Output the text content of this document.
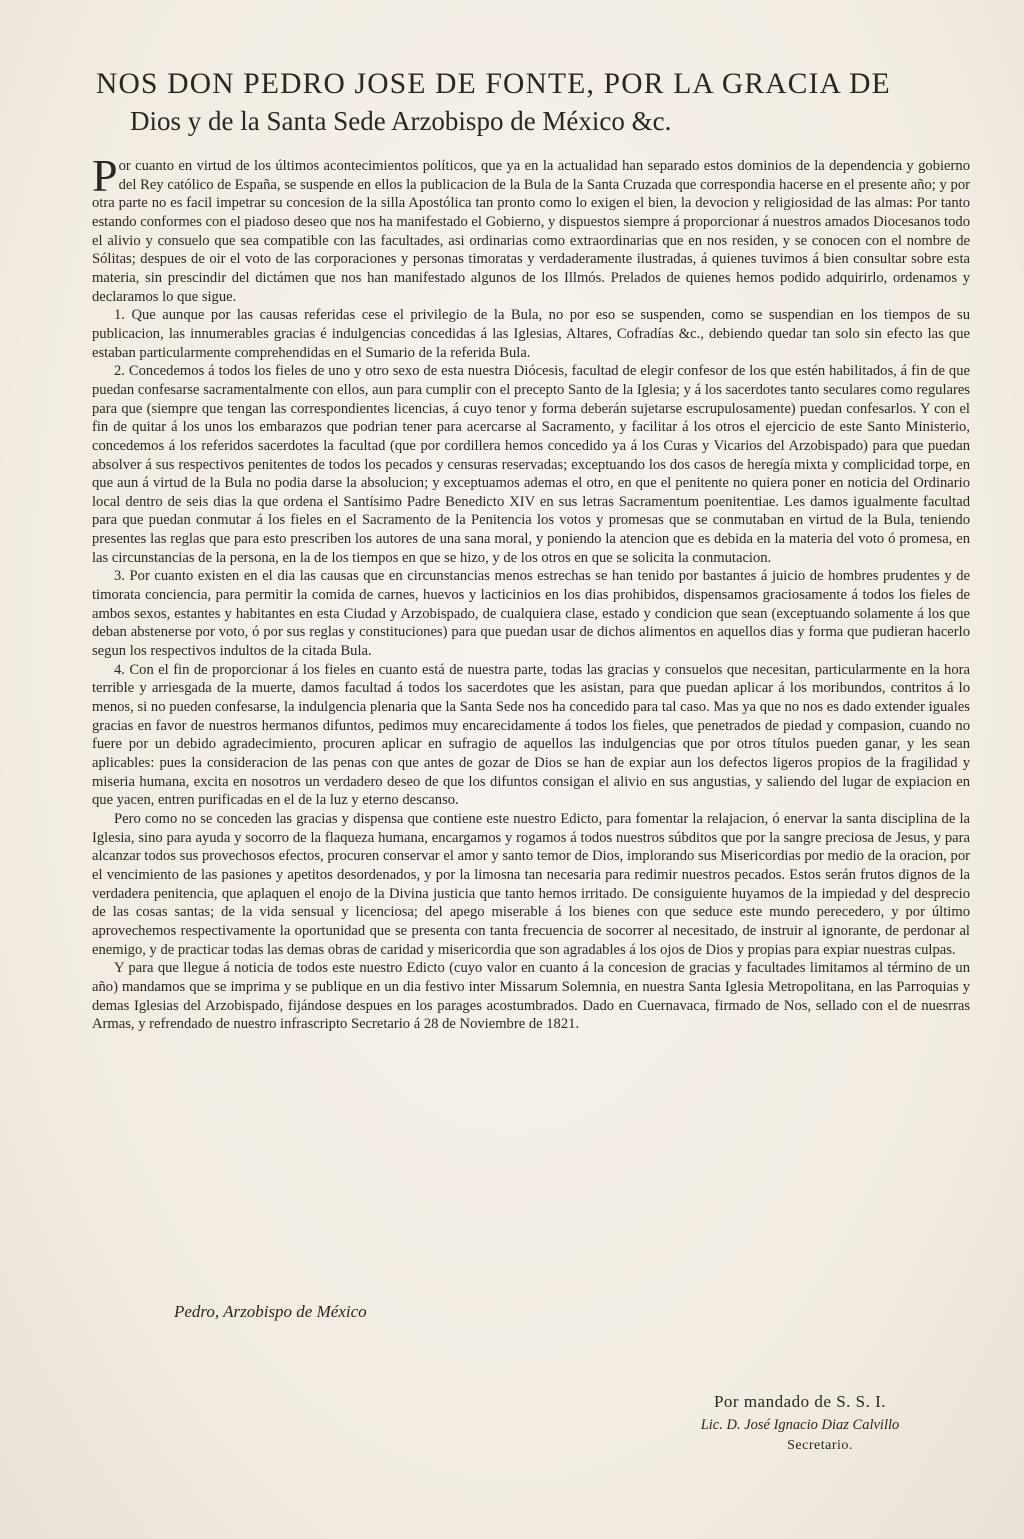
NOS DON PEDRO JOSE DE FONTE, POR LA GRACIA DE
Dios y de la Santa Sede Arzobispo de México &c.

Por cuanto en virtud de los últimos acontecimientos políticos, que ya en la actualidad han separado estos dominios de la dependencia y gobierno del Rey católico de España, se suspende en ellos la publicacion de la Bula de la Santa Cruzada que correspondia hacerse en el presente año; y por otra parte no es facil impetrar su concesion de la silla Apostólica tan pronto como lo exigen el bien, la devocion y religiosidad de las almas: Por tanto estando conformes con el piadoso deseo que nos ha manifestado el Gobierno, y dispuestos siempre á proporcionar á nuestros amados Diocesanos todo el alivio y consuelo que sea compatible con las facultades, asi ordinarias como extraordinarias que en nos residen, y se conocen con el nombre de Sólitas; despues de oir el voto de las corporaciones y personas timoratas y verdaderamente ilustradas, á quienes tuvimos á bien consultar sobre esta materia, sin prescindir del dictámen que nos han manifestado algunos de los Illmós. Prelados de quienes hemos podido adquirirlo, ordenamos y declaramos lo que sigue.

1. Que aunque por las causas referidas cese el privilegio de la Bula, no por eso se suspenden, como se suspendian en los tiempos de su publicacion, las innumerables gracias é indulgencias concedidas á las Iglesias, Altares, Cofradías &c., debiendo quedar tan solo sin efecto las que estaban particularmente comprehendidas en el Sumario de la referida Bula.

2. Concedemos á todos los fieles de uno y otro sexo de esta nuestra Diócesis, facultad de elegir confesor de los que estén habilitados, á fin de que puedan confesarse sacramentalmente con ellos, aun para cumplir con el precepto Santo de la Iglesia; y á los sacerdotes tanto seculares como regulares para que (siempre que tengan las correspondientes licencias, á cuyo tenor y forma deberán sujetarse escrupulosamente) puedan confesarlos. Y con el fin de quitar á los unos los embarazos que podrian tener para acercarse al Sacramento, y facilitar á los otros el ejercicio de este Santo Ministerio, concedemos á los referidos sacerdotes la facultad (que por cordillera hemos concedido ya á los Curas y Vicarios del Arzobispado) para que puedan absolver á sus respectivos penitentes de todos los pecados y censuras reservadas; exceptuando los dos casos de heregía mixta y complicidad torpe, en que aun á virtud de la Bula no podia darse la absolucion; y exceptuamos ademas el otro, en que el penitente no quiera poner en noticia del Ordinario local dentro de seis dias la que ordena el Santísimo Padre Benedicto XIV en sus letras Sacramentum poenitentiae. Les damos igualmente facultad para que puedan conmutar á los fieles en el Sacramento de la Penitencia los votos y promesas que se conmutaban en virtud de la Bula, teniendo presentes las reglas que para esto prescriben los autores de una sana moral, y poniendo la atencion que es debida en la materia del voto ó promesa, en las circunstancias de la persona, en la de los tiempos en que se hizo, y de los otros en que se solicita la conmutacion.

3. Por cuanto existen en el dia las causas que en circunstancias menos estrechas se han tenido por bastantes á juicio de hombres prudentes y de timorata conciencia, para permitir la comida de carnes, huevos y lacticinios en los dias prohibidos, dispensamos graciosamente á todos los fieles de ambos sexos, estantes y habitantes en esta Ciudad y Arzobispado, de cualquiera clase, estado y condicion que sean (exceptuando solamente á los que deban abstenerse por voto, ó por sus reglas y constituciones) para que puedan usar de dichos alimentos en aquellos dias y forma que pudieran hacerlo segun los respectivos indultos de la citada Bula.

4. Con el fin de proporcionar á los fieles en cuanto está de nuestra parte, todas las gracias y consuelos que necesitan, particularmente en la hora terrible y arriesgada de la muerte, damos facultad á todos los sacerdotes que les asistan, para que puedan aplicar á los moribundos, contritos á lo menos, si no pueden confesarse, la indulgencia plenaria que la Santa Sede nos ha concedido para tal caso. Mas ya que no nos es dado extender iguales gracias en favor de nuestros hermanos difuntos, pedimos muy encarecidamente á todos los fieles, que penetrados de piedad y compasion, cuando no fuere por un debido agradecimiento, procuren aplicar en sufragio de aquellos las indulgencias que por otros títulos pueden ganar, y les sean aplicables: pues la consideracion de las penas con que antes de gozar de Dios se han de expiar aun los defectos ligeros propios de la fragilidad y miseria humana, excita en nosotros un verdadero deseo de que los difuntos consigan el alivio en sus angustias, y saliendo del lugar de expiacion en que yacen, entren purificadas en el de la luz y eterno descanso.

Pero como no se conceden las gracias y dispensa que contiene este nuestro Edicto, para fomentar la relajacion, ó enervar la santa disciplina de la Iglesia, sino para ayuda y socorro de la flaqueza humana, encargamos y rogamos á todos nuestros súbditos que por la sangre preciosa de Jesus, y para alcanzar todos sus provechosos efectos, procuren conservar el amor y santo temor de Dios, implorando sus Misericordias por medio de la oracion, por el vencimiento de las pasiones y apetitos desordenados, y por la limosna tan necesaria para redimir nuestros pecados. Estos serán frutos dignos de la verdadera penitencia, que aplaquen el enojo de la Divina justicia que tanto hemos irritado. De consiguiente huyamos de la impiedad y del desprecio de las cosas santas; de la vida sensual y licenciosa; del apego miserable á los bienes con que seduce este mundo perecedero, y por último aprovechemos respectivamente la oportunidad que se presenta con tanta frecuencia de socorrer al necesitado, de instruir al ignorante, de perdonar al enemigo, y de practicar todas las demas obras de caridad y misericordia que son agradables á los ojos de Dios y propias para expiar nuestras culpas.

Y para que llegue á noticia de todos este nuestro Edicto (cuyo valor en cuanto á la concesion de gracias y facultades limitamos al término de un año) mandamos que se imprima y se publique en un dia festivo inter Missarum Solemnia, en nuestra Santa Iglesia Metropolitana, en las Parroquias y demas Iglesias del Arzobispado, fijándose despues en los parages acostumbrados. Dado en Cuernavaca, firmado de Nos, sellado con el de nuesrras Armas, y refrendado de nuestro infrascripto Secretario á 28 de Noviembre de 1821.

Pedro, Arzobispo de México
Por mandado de S. S. I.
Lic. D. José Ignacio Diaz Calvillo
Secretario.
